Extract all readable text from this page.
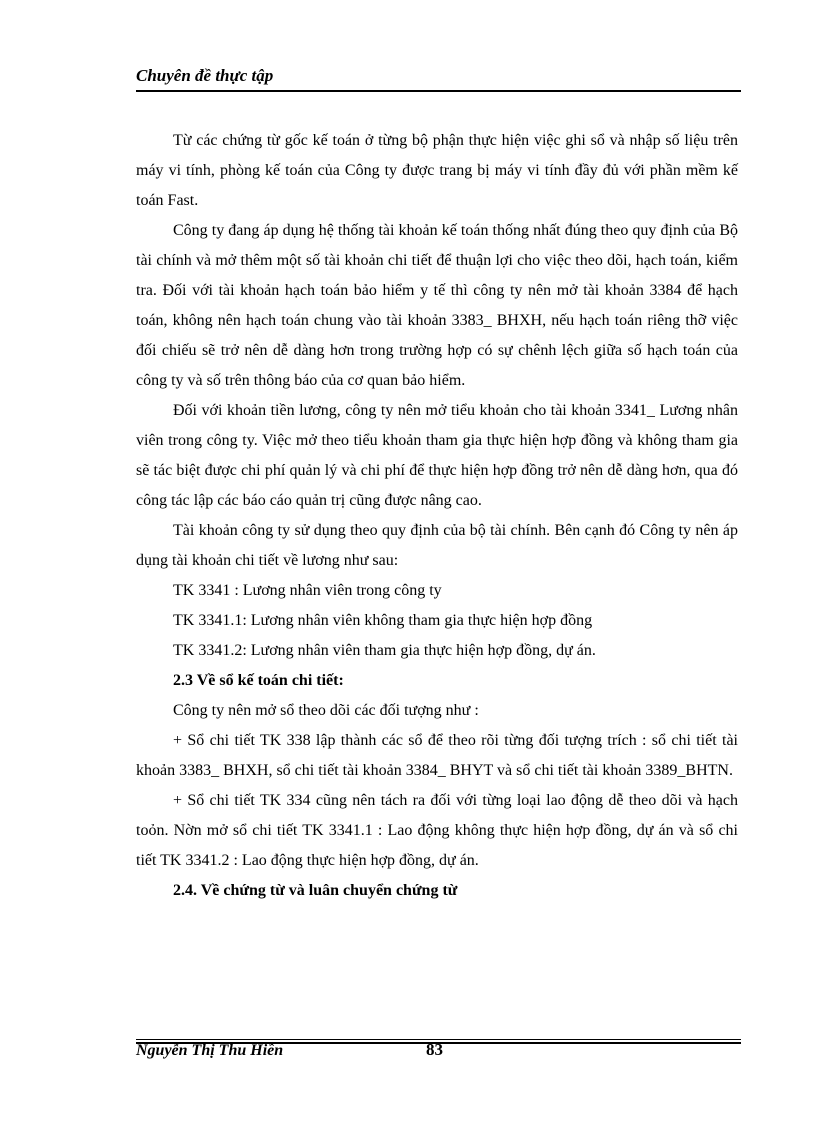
Chuyên đề thực tập

Từ các chứng từ gốc kế toán ở từng bộ phận thực hiện việc ghi sổ và nhập số liệu trên máy vi tính, phòng kế toán của Công ty được trang bị máy vi tính đầy đủ với phần mềm kế toán Fast.

Công ty đang áp dụng hệ thống tài khoản kế toán thống nhất đúng theo quy định của Bộ tài chính và mở thêm một số tài khoản chi tiết để thuận lợi cho việc theo dõi, hạch toán, kiểm tra. Đối với tài khoản hạch toán bảo hiểm y tế thì công ty nên mở tài khoản 3384 để hạch toán, không nên hạch toán chung vào tài khoản 3383_ BHXH, nếu hạch toán riêng thỡ việc đối chiếu sẽ trở nên dễ dàng hơn trong trường hợp có sự chênh lệch giữa số hạch toán của công ty và số trên thông báo của cơ quan bảo hiểm.

Đối với khoản tiền lương, công ty nên mở tiểu khoản cho tài khoản 3341_ Lương nhân viên trong công ty. Việc mở theo tiểu khoản tham gia thực hiện hợp đồng và không tham gia sẽ tác biệt được chi phí quản lý và chi phí để thực hiện hợp đồng trở nên dễ dàng hơn, qua đó công tác lập các báo cáo quản trị cũng được nâng cao.

Tài khoản công ty sử dụng theo quy định của bộ tài chính. Bên cạnh đó Công ty nên áp dụng tài khoản chi tiết về lương như sau:

TK 3341 : Lương nhân viên trong công ty

TK 3341.1: Lương nhân viên không tham gia thực hiện hợp đồng

TK 3341.2: Lương nhân viên tham gia thực hiện hợp đồng, dự án.

2.3 Về sổ kế toán chi tiết:

Công ty nên mở sổ theo dõi các đối tượng như :

+ Sổ chi tiết TK 338 lập thành các sổ để theo rõi từng đối tượng trích : sổ chi tiết tài khoản 3383_ BHXH, sổ chi tiết tài khoản 3384_ BHYT và sổ chi tiết tài khoản 3389_BHTN.

+ Sổ chi tiết TK 334 cũng nên tách ra đối với từng loại lao động dễ theo dõi và hạch toỏn. Nờn mở sổ chi tiết TK 3341.1 : Lao động không thực hiện hợp đồng, dự án và sổ chi tiết TK 3341.2 : Lao động thực hiện hợp đồng, dự án.

2.4. Về chứng từ và luân chuyển chứng từ

Nguyễn Thị Thu Hiền	83
